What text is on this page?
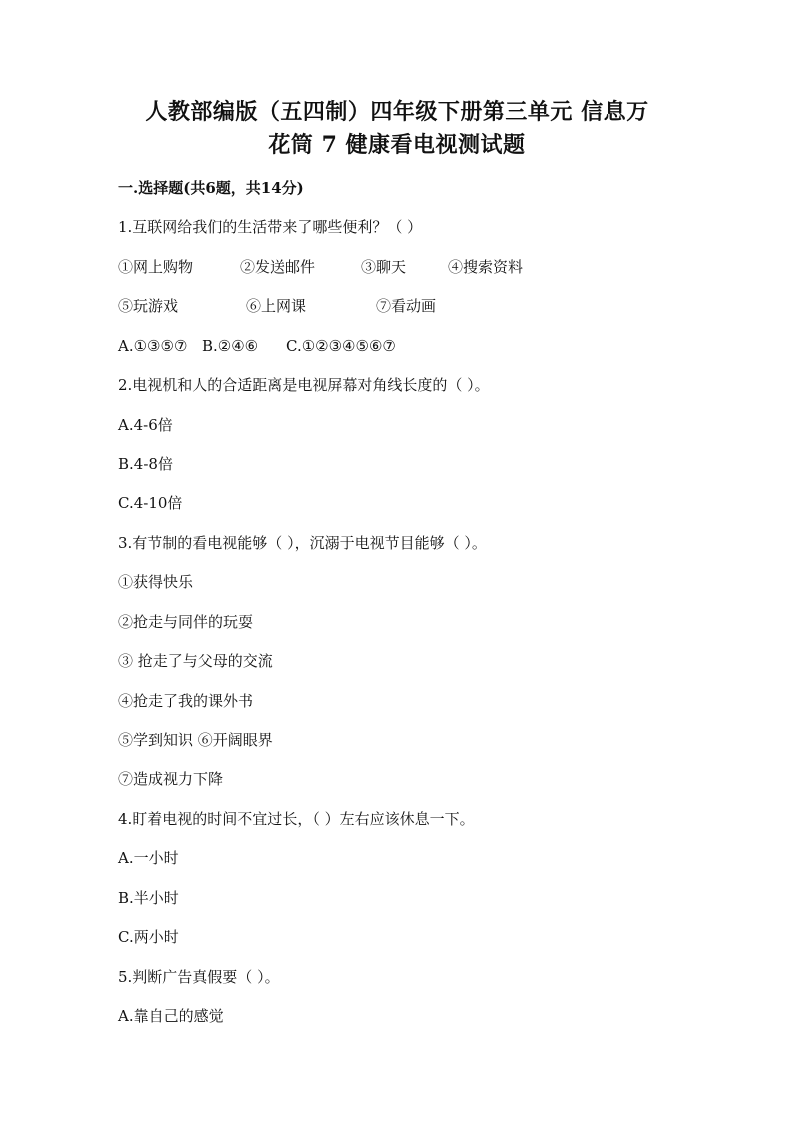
人教部编版（五四制）四年级下册第三单元 信息万
花筒 7 健康看电视测试题
一.选择题(共6题，共14分)
1.互联网给我们的生活带来了哪些便利？（ ）
①网上购物	②发送邮件	③聊天	④搜索资料
⑤玩游戏	⑥上网课	⑦看动画
A.①③⑤⑦ B.②④⑥ C.①②③④⑤⑥⑦
2.电视机和人的合适距离是电视屏幕对角线长度的（ ）。
A.4-6倍
B.4-8倍
C.4-10倍
3.有节制的看电视能够（ ），沉溺于电视节目能够（ ）。
①获得快乐
②抢走与同伴的玩耍
③ 抢走了与父母的交流
④抢走了我的课外书
⑤学到知识 ⑥开阔眼界
⑦造成视力下降
4.盯着电视的时间不宜过长，（ ）左右应该休息一下。
A.一小时
B.半小时
C.两小时
5.判断广告真假要（ ）。
A.靠自己的感觉
